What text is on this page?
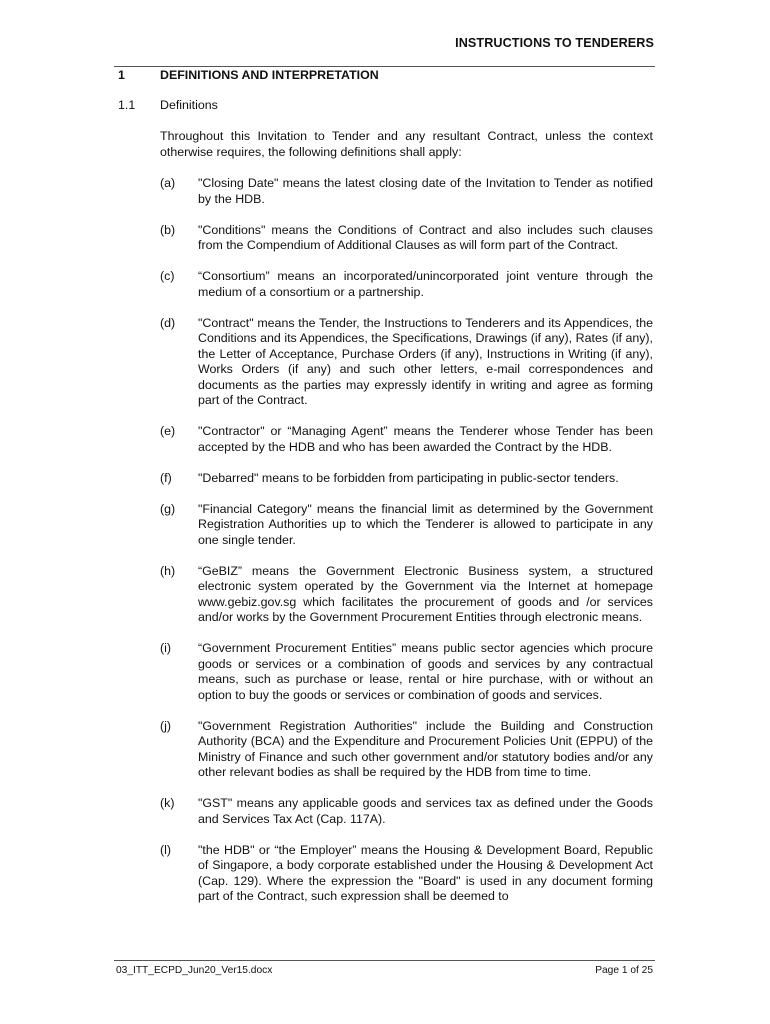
INSTRUCTIONS TO TENDERERS
1	DEFINITIONS AND INTERPRETATION
1.1 Definitions
Throughout this Invitation to Tender and any resultant Contract, unless the context otherwise requires, the following definitions shall apply:
(a)	"Closing Date" means the latest closing date of the Invitation to Tender as notified by the HDB.
(b)	"Conditions" means the Conditions of Contract and also includes such clauses from the Compendium of Additional Clauses as will form part of the Contract.
(c)	“Consortium” means an incorporated/unincorporated joint venture through the medium of a consortium or a partnership.
(d)	"Contract" means the Tender, the Instructions to Tenderers and its Appendices, the Conditions and its Appendices, the Specifications, Drawings (if any), Rates (if any), the Letter of Acceptance, Purchase Orders (if any), Instructions in Writing (if any), Works Orders (if any) and such other letters, e-mail correspondences and documents as the parties may expressly identify in writing and agree as forming part of the Contract.
(e)	"Contractor" or “Managing Agent” means the Tenderer whose Tender has been accepted by the HDB and who has been awarded the Contract by the HDB.
(f)	"Debarred" means to be forbidden from participating in public-sector tenders.
(g)	"Financial Category" means the financial limit as determined by the Government Registration Authorities up to which the Tenderer is allowed to participate in any one single tender.
(h)	“GeBIZ” means the Government Electronic Business system, a structured electronic system operated by the Government via the Internet at homepage www.gebiz.gov.sg which facilitates the procurement of goods and /or services and/or works by the Government Procurement Entities through electronic means.
(i)	“Government Procurement Entities” means public sector agencies which procure goods or services or a combination of goods and services by any contractual means, such as purchase or lease, rental or hire purchase, with or without an option to buy the goods or services or combination of goods and services.
(j)	"Government Registration Authorities" include the Building and Construction Authority (BCA) and the Expenditure and Procurement Policies Unit (EPPU) of the Ministry of Finance and such other government and/or statutory bodies and/or any other relevant bodies as shall be required by the HDB from time to time.
(k)	"GST" means any applicable goods and services tax as defined under the Goods and Services Tax Act (Cap. 117A).
(l)	"the HDB" or “the Employer” means the Housing & Development Board, Republic of Singapore, a body corporate established under the Housing & Development Act (Cap. 129). Where the expression the "Board" is used in any document forming part of the Contract, such expression shall be deemed to
03_ITT_ECPD_Jun20_Ver15.docx	Page 1 of 25
